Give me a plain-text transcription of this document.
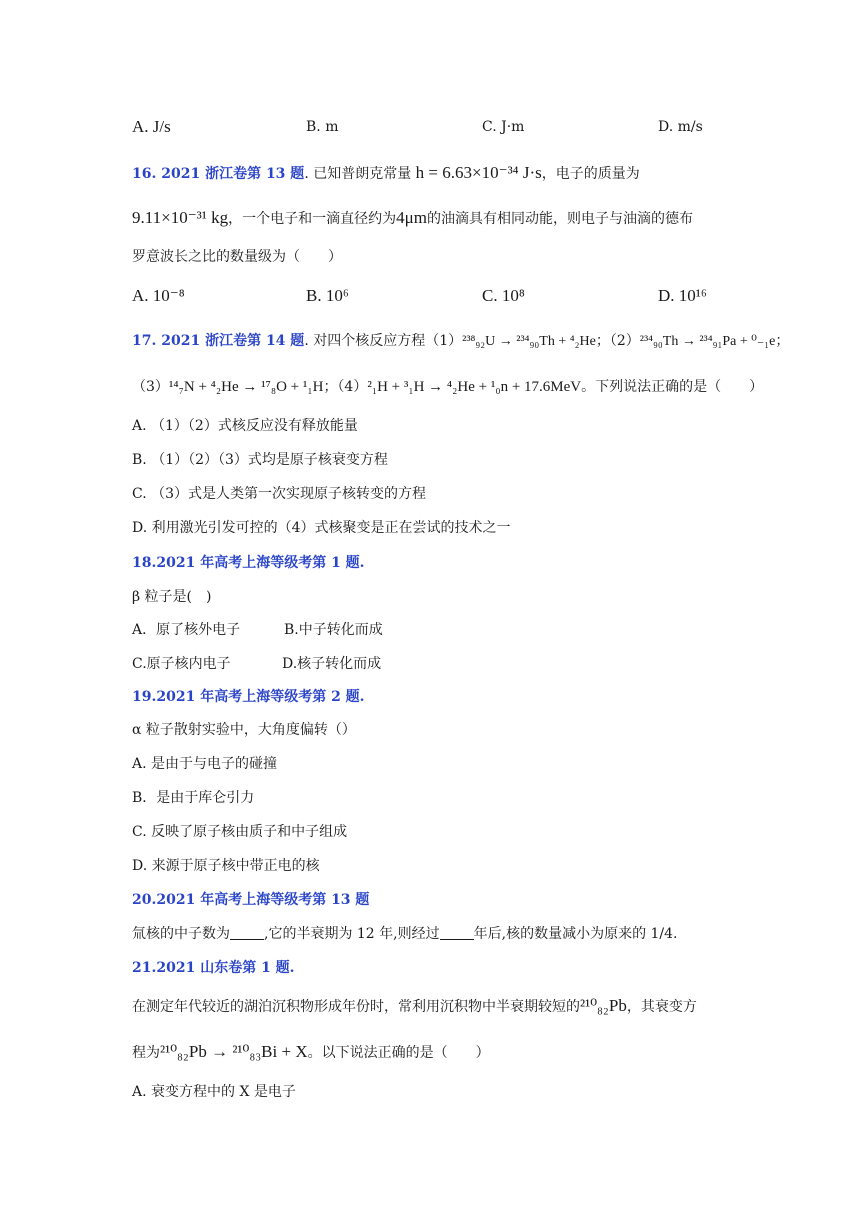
A. J/s	B. m	C. J·m	D. m/s
16. 2021 浙江卷第 13 题. 已知普朗克常量 h = 6.63×10⁻³⁴ J·s，电子的质量为
9.11×10⁻³¹ kg，一个电子和一滴直径约为4μm的油滴具有相同动能，则电子与油滴的德布
罗意波长之比的数量级为（　　）
A. 10⁻⁸	B. 10⁶	C. 10⁸	D. 10¹⁶
17. 2021 浙江卷第 14 题. 对四个核反应方程（1）²³⁸₉₂U → ²³⁴₉₀Th + ⁴₂He；（2）²³⁴₉₀Th → ²³⁴₉₁Pa + ⁰₋₁e；
（3）¹⁴₇N + ⁴₂He → ¹⁷₈O + ¹₁H；（4）²₁H + ³₁H → ⁴₂He + ¹₀n + 17.6MeV。下列说法正确的是（　　）
A. （1）（2）式核反应没有释放能量
B. （1）（2）（3）式均是原子核衰变方程
C. （3）式是人类第一次实现原子核转变的方程
D. 利用激光引发可控的（4）式核聚变是正在尝试的技术之一
18.2021 年高考上海等级考第 1 题.
β 粒子是(　)
A．原了核外电子	B.中子转化而成
C.原子核内电子	D.核子转化而成
19.2021 年高考上海等级考第 2 题.
α 粒子散射实验中，大角度偏转（）
A. 是由于与电子的碰撞
B．是由于库仑引力
C. 反映了原子核由质子和中子组成
D. 来源于原子核中带正电的核
20.2021 年高考上海等级考第 13 题
氚核的中子数为 ,它的半衰期为 12 年,则经过 年后,核的数量减小为原来的 1/4.
21.2021 山东卷第 1 题.
在测定年代较近的湖泊沉积物形成年份时，常利用沉积物中半衰期较短的²¹⁰₈₂Pb，其衰变方
程为²¹⁰₈₂Pb → ²¹⁰₈₃Bi + X。以下说法正确的是（　　）
A. 衰变方程中的 X 是电子
